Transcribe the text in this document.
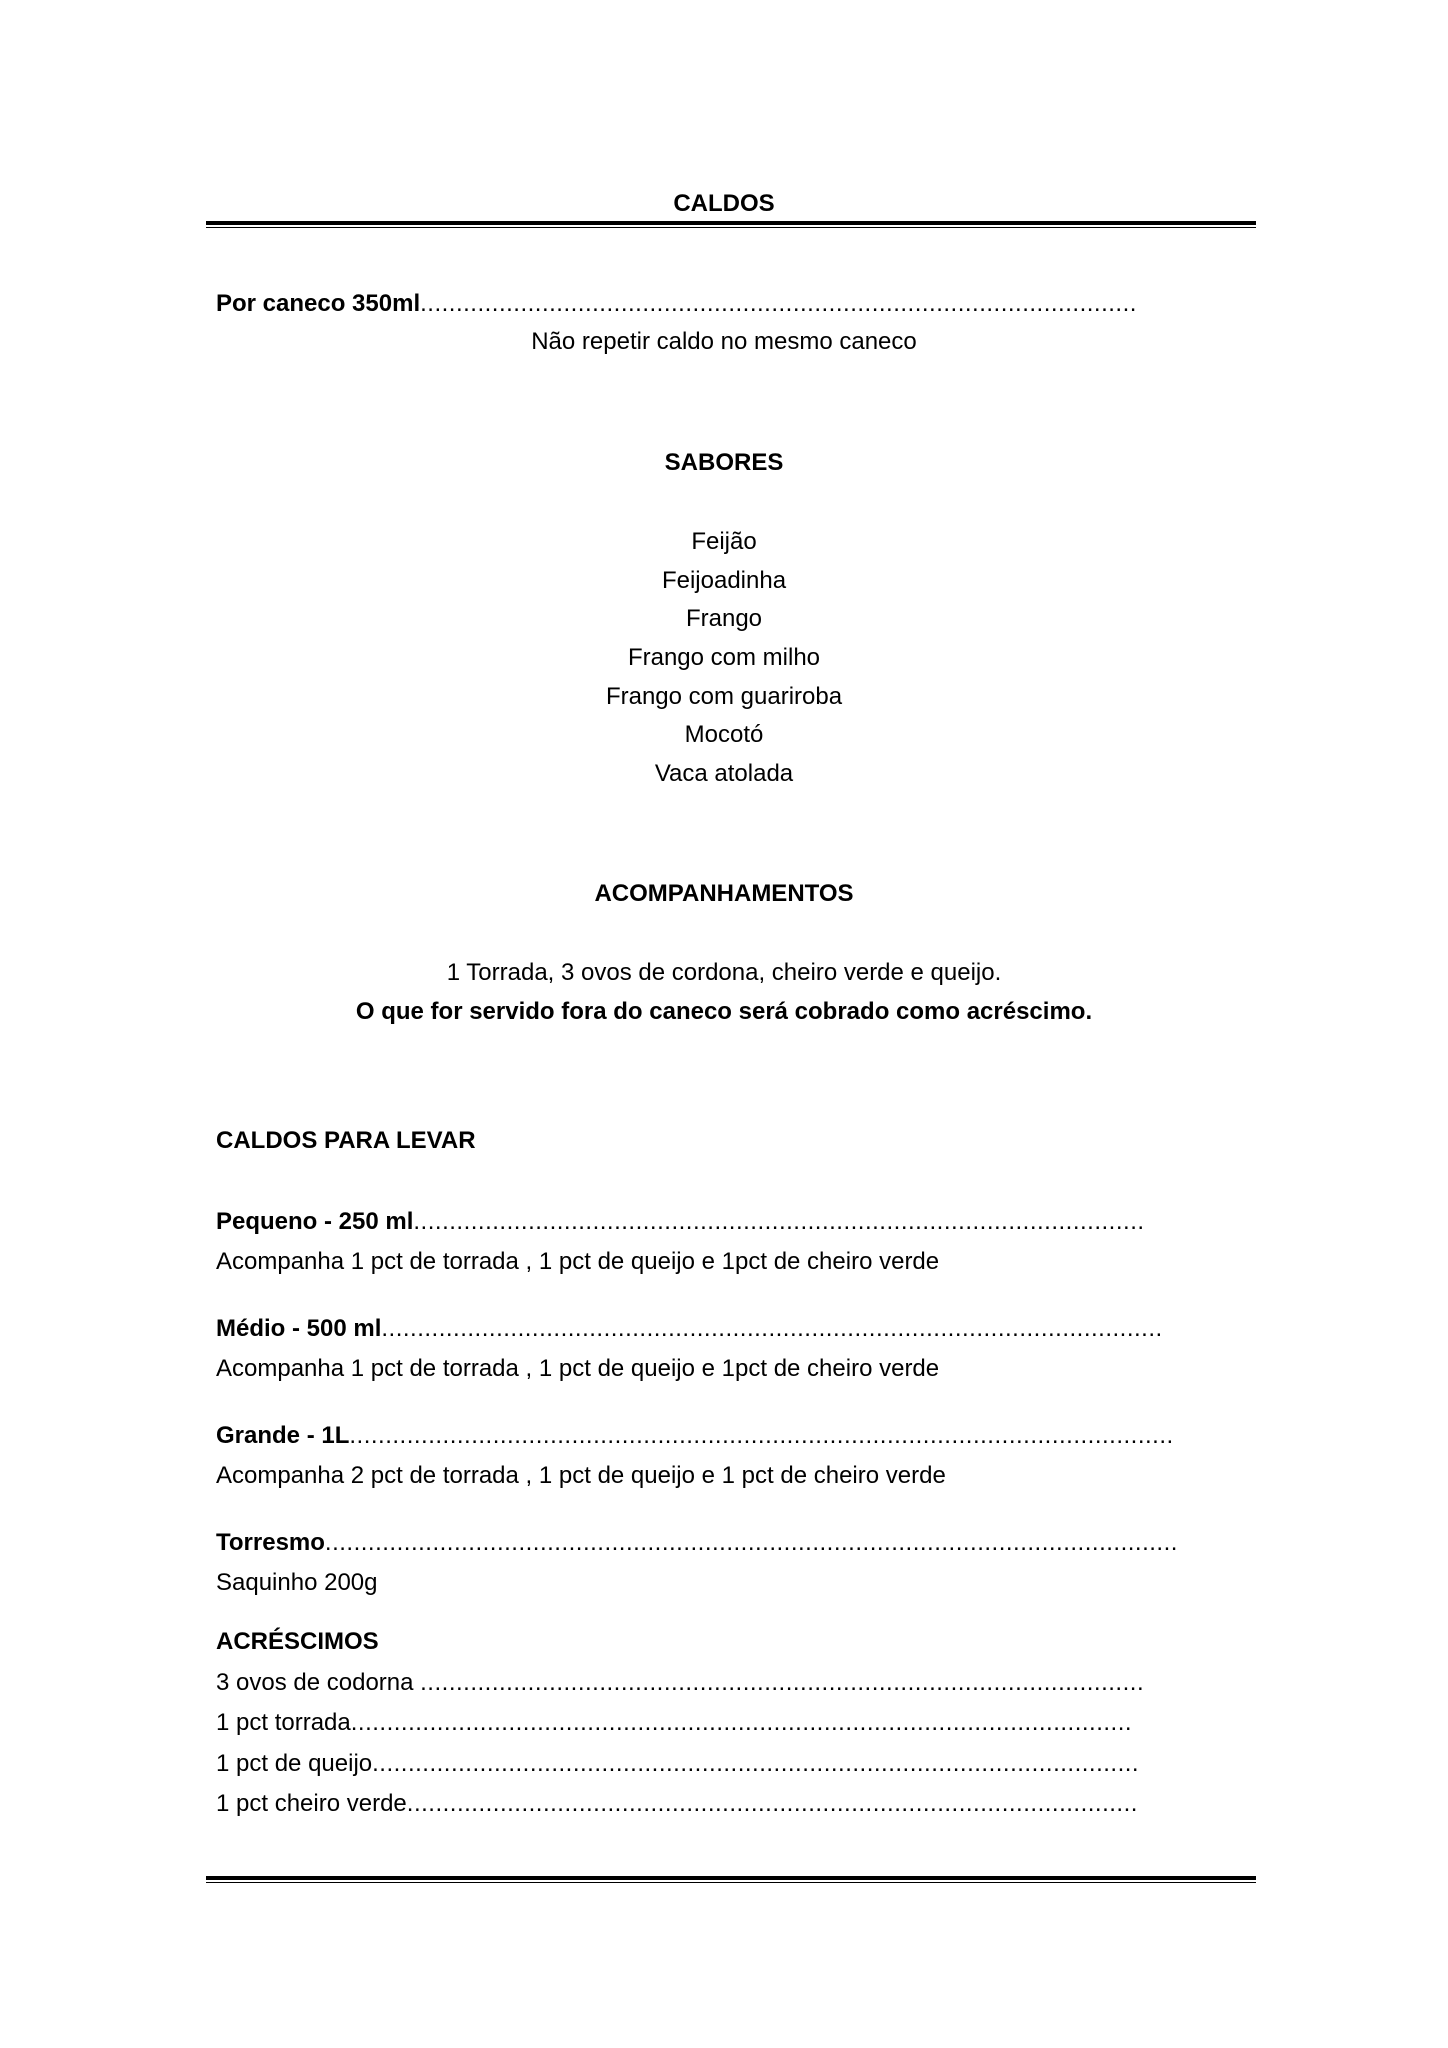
CALDOS
Por caneco 350ml....................................................................................................
Não repetir caldo no mesmo caneco
SABORES
Feijão
Feijoadinha
Frango
Frango com milho
Frango com guariroba
Mocotó
Vaca atolada
ACOMPANHAMENTOS
1 Torrada, 3 ovos de cordona, cheiro verde e queijo.
O que for servido fora do caneco será cobrado como acréscimo.
CALDOS PARA LEVAR
Pequeno - 250 ml......................................................................................................
Acompanha 1 pct de torrada , 1 pct de queijo e 1pct de cheiro verde
Médio - 500 ml.............................................................................................................
Acompanha 1 pct de torrada , 1 pct de queijo e 1pct de cheiro verde
Grande - 1L...................................................................................................................
Acompanha 2 pct de torrada , 1 pct de queijo e 1 pct de cheiro verde
Torresmo.......................................................................................................................
Saquinho 200g
ACRÉSCIMOS
3 ovos de codorna .....................................................................................................
1 pct torrada.............................................................................................................
1 pct de queijo...........................................................................................................
1 pct cheiro verde......................................................................................................
